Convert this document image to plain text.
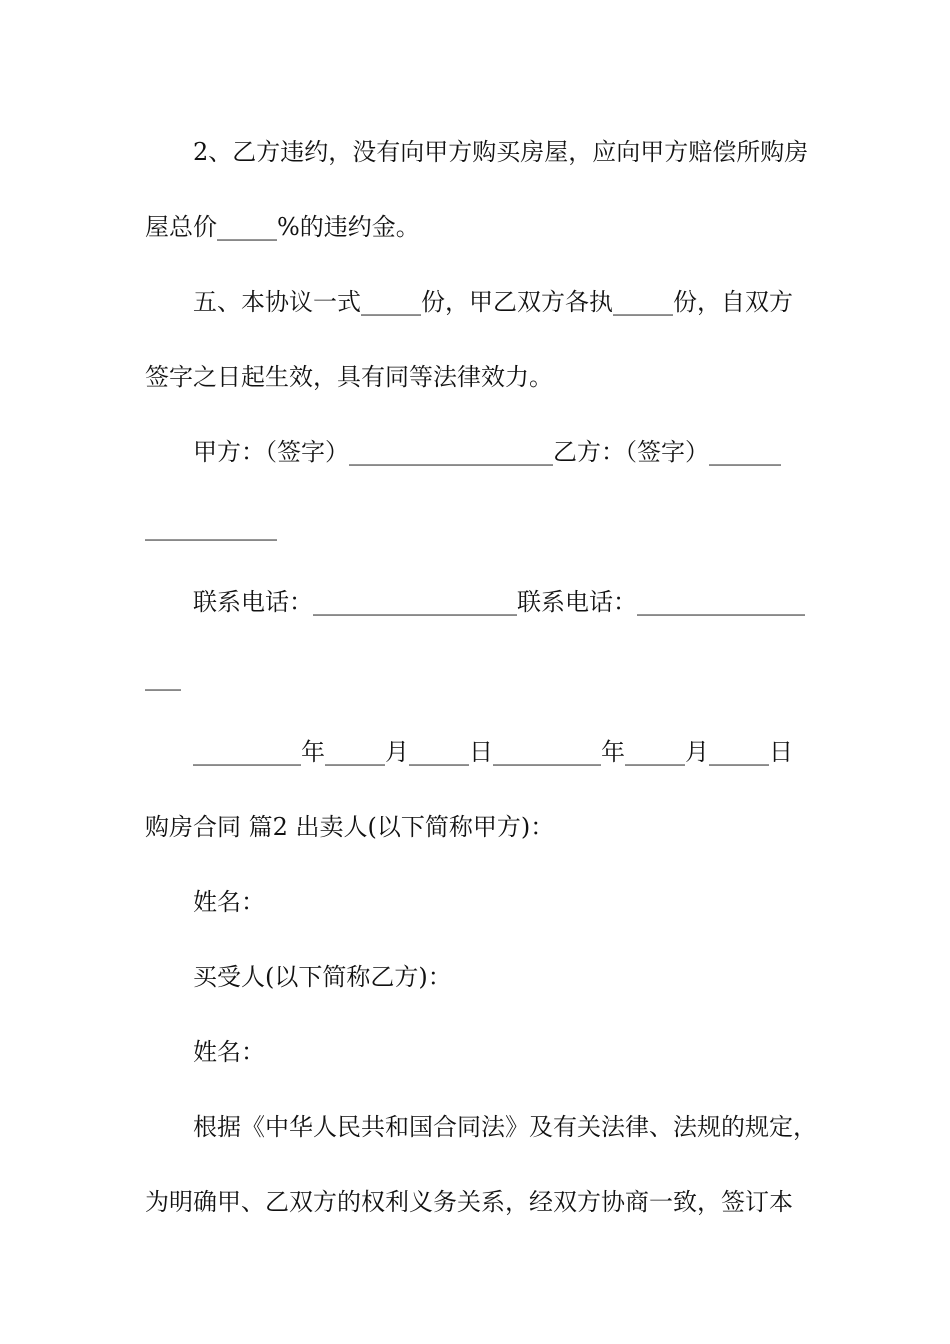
2、乙方违约，没有向甲方购买房屋，应向甲方赔偿所购房
屋总价_____%的违约金。
五、本协议一式_____份，甲乙双方各执_____份，自双方
签字之日起生效，具有同等法律效力。
甲方：（签字）_________________乙方：（签字）______
___________
联系电话：_________________联系电话：______________
___
_________年_____月_____日_________年_____月_____日
购房合同 篇2 出卖人(以下简称甲方)：
姓名：
买受人(以下简称乙方)：
姓名：
根据《中华人民共和国合同法》及有关法律、法规的规定，
为明确甲、乙双方的权利义务关系，经双方协商一致，签订本
